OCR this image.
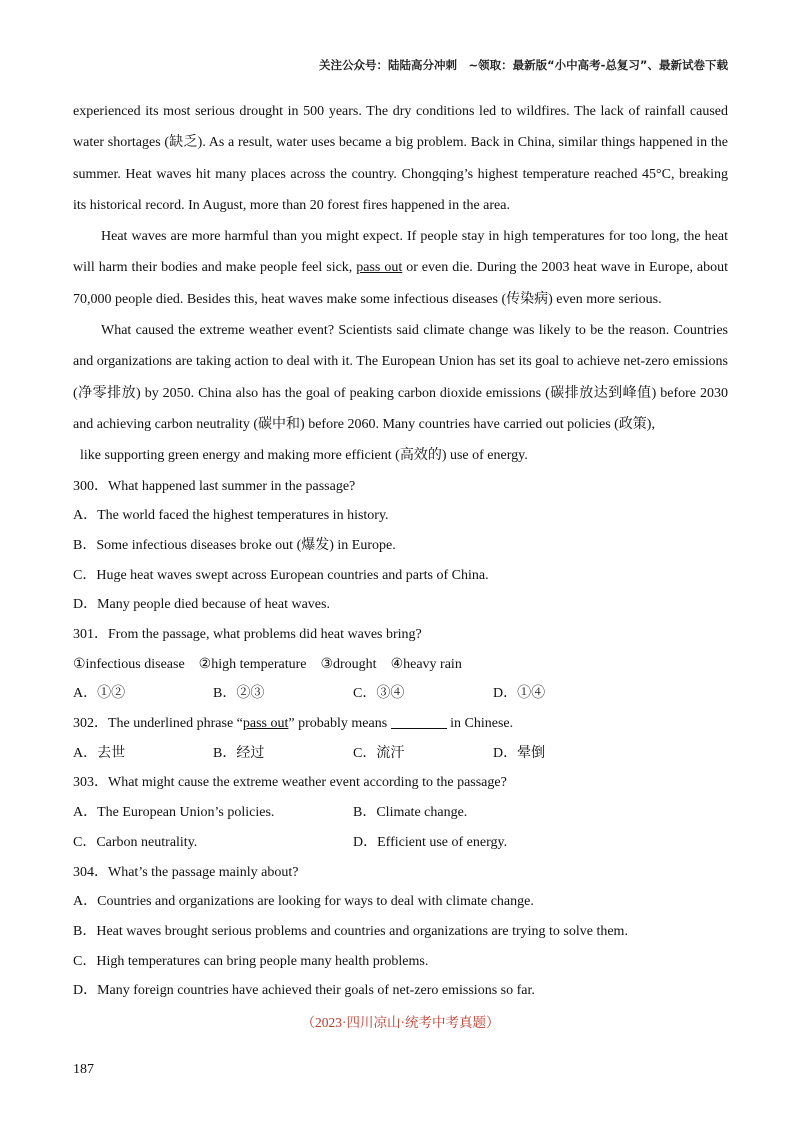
关注公众号：陆陆高分冲刺　~领取：最新版“小中高考-总复习”、最新试卷下载

experienced its most serious drought in 500 years. The dry conditions led to wildfires. The lack of rainfall caused water shortages (缺乏). As a result, water uses became a big problem. Back in China, similar things happened in the summer. Heat waves hit many places across the country. Chongqing’s highest temperature reached 45°C, breaking its historical record. In August, more than 20 forest fires happened in the area.

Heat waves are more harmful than you might expect. If people stay in high temperatures for too long, the heat will harm their bodies and make people feel sick, pass out or even die. During the 2003 heat wave in Europe, about 70,000 people died. Besides this, heat waves make some infectious diseases (传染病) even more serious.

What caused the extreme weather event? Scientists said climate change was likely to be the reason. Countries and organizations are taking action to deal with it. The European Union has set its goal to achieve net-zero emissions (净零排放) by 2050. China also has the goal of peaking carbon dioxide emissions (碳排放达到峰值) before 2030 and achieving carbon neutrality (碳中和) before 2060. Many countries have carried out policies (政策),

like supporting green energy and making more efficient (高效的) use of energy.

300．What happened last summer in the passage?
A．The world faced the highest temperatures in history.
B．Some infectious diseases broke out (爆发) in Europe.
C．Huge heat waves swept across European countries and parts of China.
D．Many people died because of heat waves.
301．From the passage, what problems did heat waves bring?
①infectious disease　②high temperature　③drought　④heavy rain
A．①②	B．②③	C．③④	D．①④
302．The underlined phrase “pass out” probably means	in Chinese.
A．去世	B．经过	C．流汗	D．晕倒
303．What might cause the extreme weather event according to the passage?
A．The European Union’s policies.	B．Climate change.
C．Carbon neutrality.	D．Efficient use of energy.
304．What’s the passage mainly about?
A．Countries and organizations are looking for ways to deal with climate change.
B．Heat waves brought serious problems and countries and organizations are trying to solve them.
C．High temperatures can bring people many health problems.
D．Many foreign countries have achieved their goals of net-zero emissions so far.
（2023·四川凉山·统考中考真题）
187
